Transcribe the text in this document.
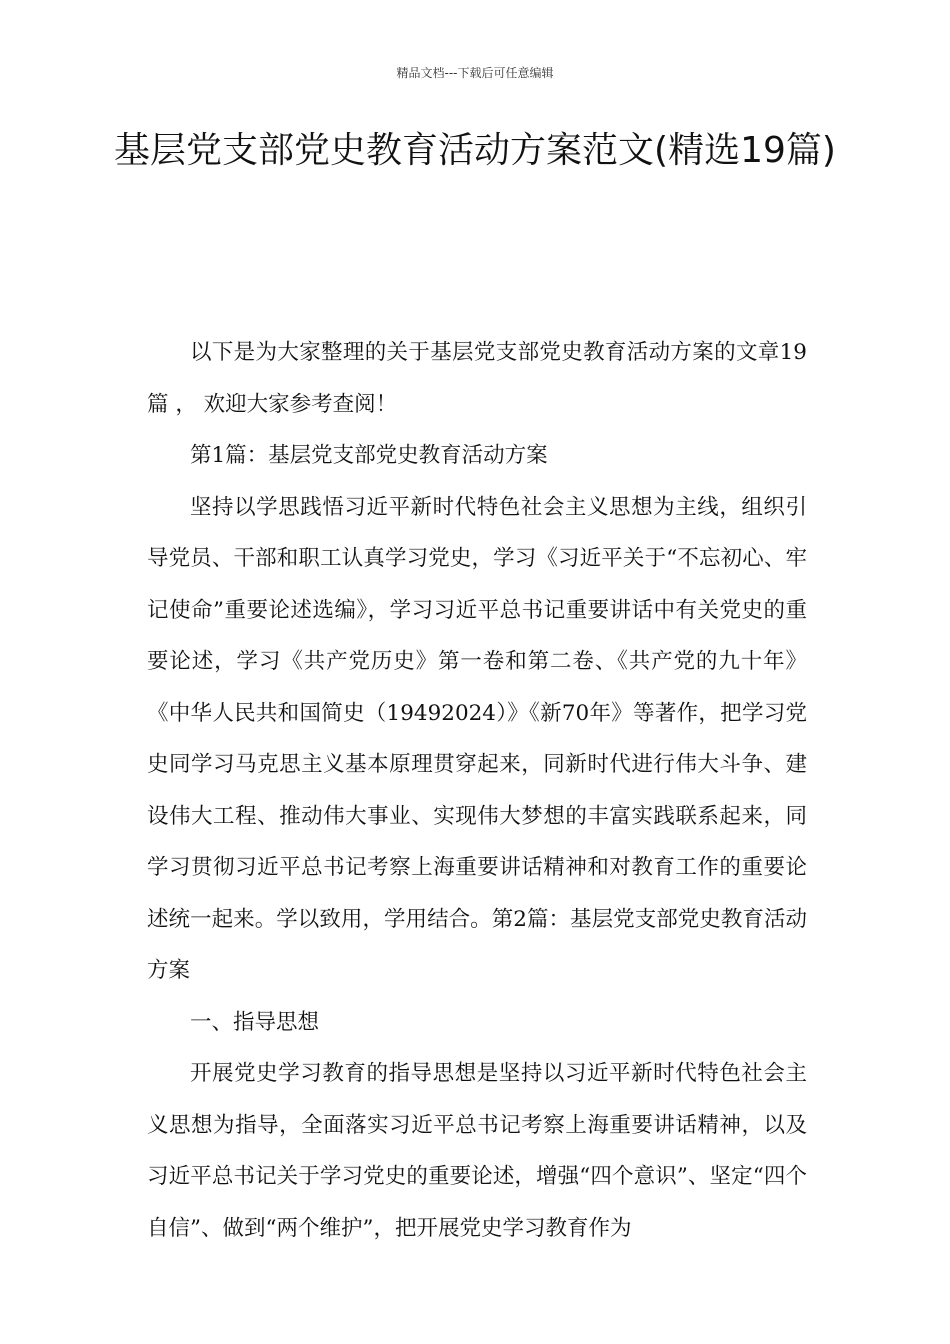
精品文档---下载后可任意编辑
基层党支部党史教育活动方案范文(精选19篇)

以下是为大家整理的关于基层党支部党史教育活动方案的文章19篇 ， 欢迎大家参考查阅！

第1篇：基层党支部党史教育活动方案

坚持以学思践悟习近平新时代特色社会主义思想为主线，组织引导党员、干部和职工认真学习党史，学习《习近平关于“不忘初心、牢记使命”重要论述选编》，学习习近平总书记重要讲话中有关党史的重要论述，学习《共产党历史》第一卷和第二卷、《共产党的九十年》《中华人民共和国简史（19492024）》《新70年》等著作，把学习党史同学习马克思主义基本原理贯穿起来，同新时代进行伟大斗争、建设伟大工程、推动伟大事业、实现伟大梦想的丰富实践联系起来，同学习贯彻习近平总书记考察上海重要讲话精神和对教育工作的重要论述统一起来。学以致用，学用结合。第2篇：基层党支部党史教育活动方案

一、指导思想

开展党史学习教育的指导思想是坚持以习近平新时代特色社会主义思想为指导，全面落实习近平总书记考察上海重要讲话精神，以及习近平总书记关于学习党史的重要论述，增强“四个意识”、坚定“四个自信”、做到“两个维护”，把开展党史学习教育作为
